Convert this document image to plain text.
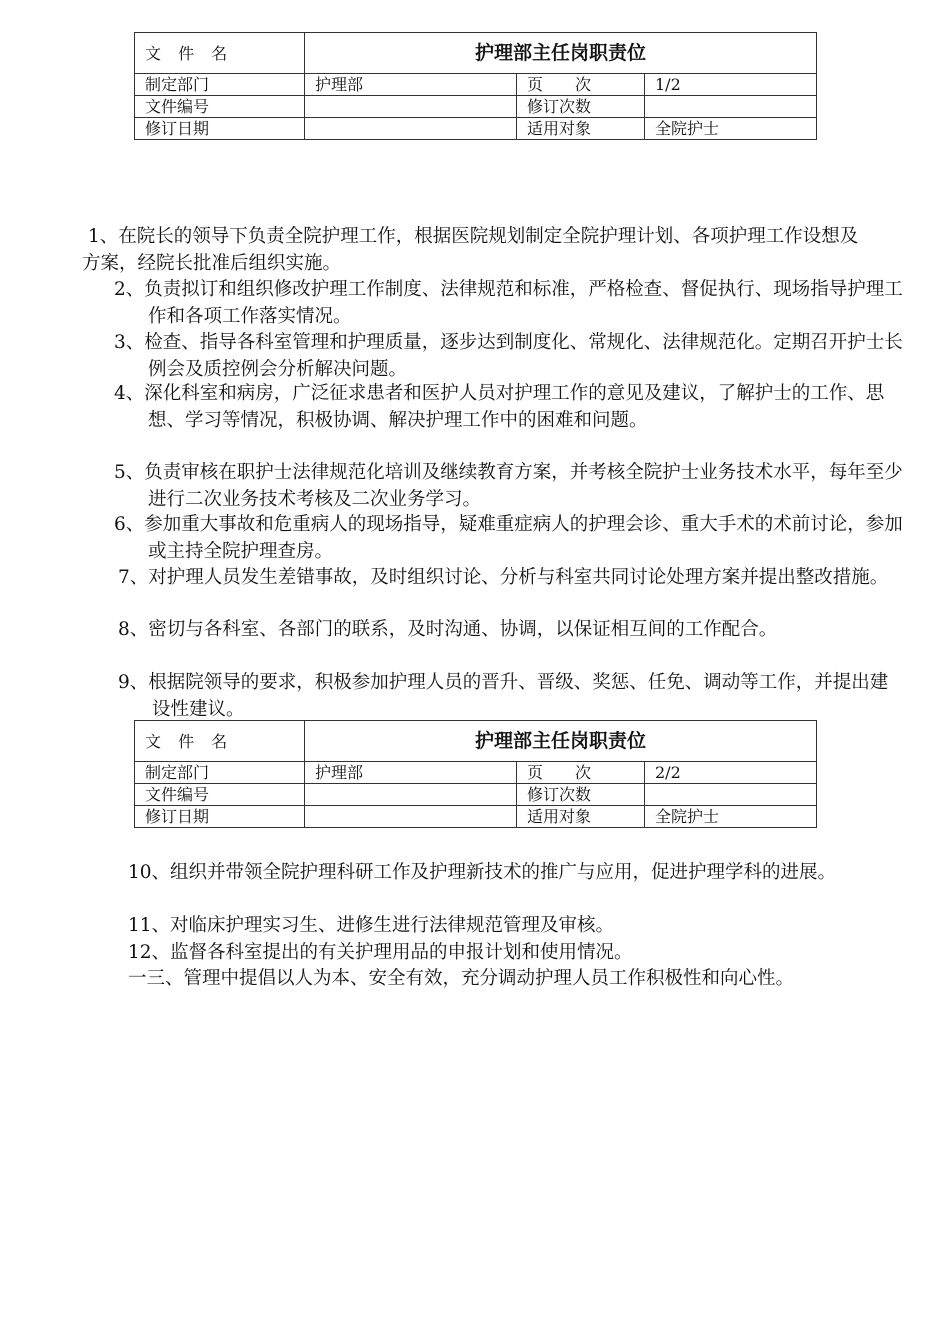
文 件 名	护理部主任岗职责位		
制定部门	护理部	页　　次	1/2
文件编号		修订次数	
修订日期		适用对象	全院护士

1、在院长的领导下负责全院护理工作，根据医院规划制定全院护理计划、各项护理工作设想及方案，经院长批准后组织实施。

2、负责拟订和组织修改护理工作制度、法律规范和标准，严格检查、督促执行、现场指导护理工作和各项工作落实情况。

3、检查、指导各科室管理和护理质量，逐步达到制度化、常规化、法律规范化。定期召开护士长例会及质控例会分析解决问题。

4、深化科室和病房，广泛征求患者和医护人员对护理工作的意见及建议，了解护士的工作、思想、学习等情况，积极协调、解决护理工作中的困难和问题。

5、负责审核在职护士法律规范化培训及继续教育方案，并考核全院护士业务技术水平，每年至少进行二次业务技术考核及二次业务学习。

6、参加重大事故和危重病人的现场指导，疑难重症病人的护理会诊、重大手术的术前讨论，参加或主持全院护理查房。

7、对护理人员发生差错事故，及时组织讨论、分析与科室共同讨论处理方案并提出整改措施。

8、密切与各科室、各部门的联系，及时沟通、协调，以保证相互间的工作配合。

9、根据院领导的要求，积极参加护理人员的晋升、晋级、奖惩、任免、调动等工作，并提出建设性建议。

文 件 名	护理部主任岗职责位		
制定部门	护理部	页　　次	2/2
文件编号		修订次数	
修订日期		适用对象	全院护士

10、组织并带领全院护理科研工作及护理新技术的推广与应用，促进护理学科的进展。

11、对临床护理实习生、进修生进行法律规范管理及审核。

12、监督各科室提出的有关护理用品的申报计划和使用情况。

一三、管理中提倡以人为本、安全有效，充分调动护理人员工作积极性和向心性。
